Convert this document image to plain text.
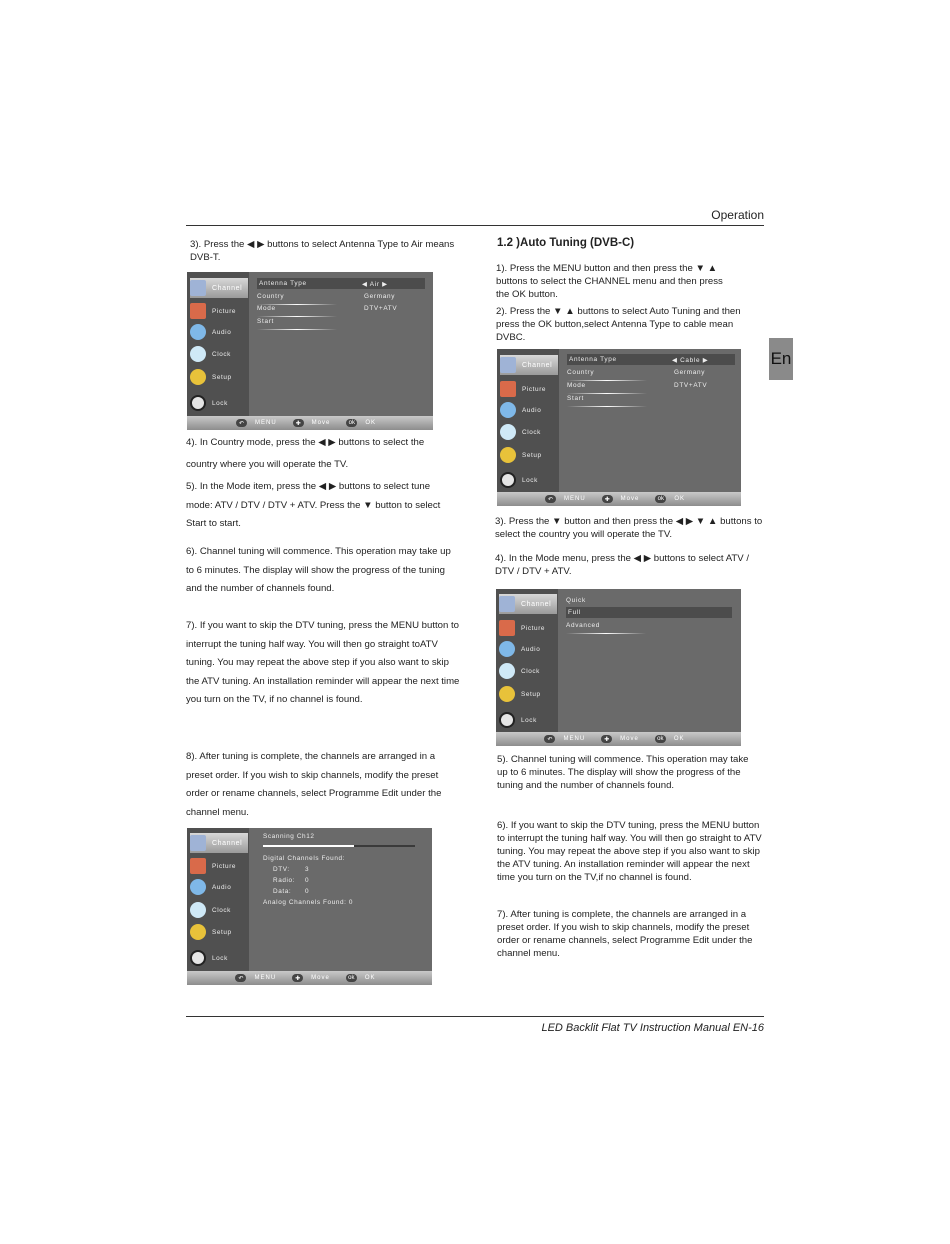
Operation
LED Backlit Flat TV Instruction Manual EN-16
En
3). Press the ◀ ▶ buttons to select Antenna Type to Air means DVB-T.
Channel
Picture
Audio
Clock
Setup
Lock
Antenna Type	◀ Air ▶
Country	Germany
Mode	DTV+ATV
Start
↶	MENU	✚	Move	ok	OK
4). In Country mode, press the ◀ ▶ buttons to select the
country where you will operate the TV.
5). In the Mode item, press the ◀ ▶ buttons to select tune mode: ATV / DTV / DTV + ATV. Press the ▼ button to select Start to start.
6). Channel tuning will commence. This operation may take up to 6 minutes. The display will show the progress of the tuning and the number of channels found.
7). If you want to skip the DTV tuning, press the MENU button to interrupt the tuning half way. You will then go straight toATV tuning. You may repeat the above step if you also want to skip the ATV tuning. An installation reminder will appear the next time you turn on the TV, if no channel is found.
8). After tuning is complete, the channels are arranged in a preset order. If you wish to skip channels, modify the preset order or rename channels, select Programme Edit under the channel menu.
Channel
Picture
Audio
Clock
Setup
Lock
Scanning Ch12
Digital Channels Found:
DTV: 3
Radio: 0
Data: 0
Analog Channels Found: 0
↶	MENU	✚	Move	ok	OK
1.2 )Auto Tuning (DVB-C)
1). Press the MENU button and then press the ▼ ▲ buttons to select the CHANNEL menu and then press the OK button.
2). Press the ▼ ▲ buttons to select Auto Tuning and then press the OK button,select Antenna Type to cable mean DVBC.
Channel
Picture
Audio
Clock
Setup
Lock
Antenna Type	◀ Cable ▶
Country	Germany
Mode	DTV+ATV
Start
↶	MENU	✚	Move	ok	OK
3). Press the ▼ button and then press the ◀ ▶ ▼ ▲ buttons to select the country you will operate the TV.
4). In the Mode menu, press the ◀ ▶ buttons to select ATV / DTV / DTV + ATV.
Channel
Picture
Audio
Clock
Setup
Lock
Quick
Full
Advanced
↶	MENU	✚	Move	ok	OK
5). Channel tuning will commence. This operation may take up to 6 minutes. The display will show the progress of the tuning and the number of channels found.
6). If you want to skip the DTV tuning, press the MENU button to interrupt the tuning half way. You will then go straight to ATV tuning. You may repeat the above step if you also want to skip the ATV tuning. An installation reminder will appear the next time you turn on the TV,if no channel is found.
7). After tuning is complete, the channels are arranged in a preset order. If you wish to skip channels, modify the preset order or rename channels, select Programme Edit under the channel menu.
